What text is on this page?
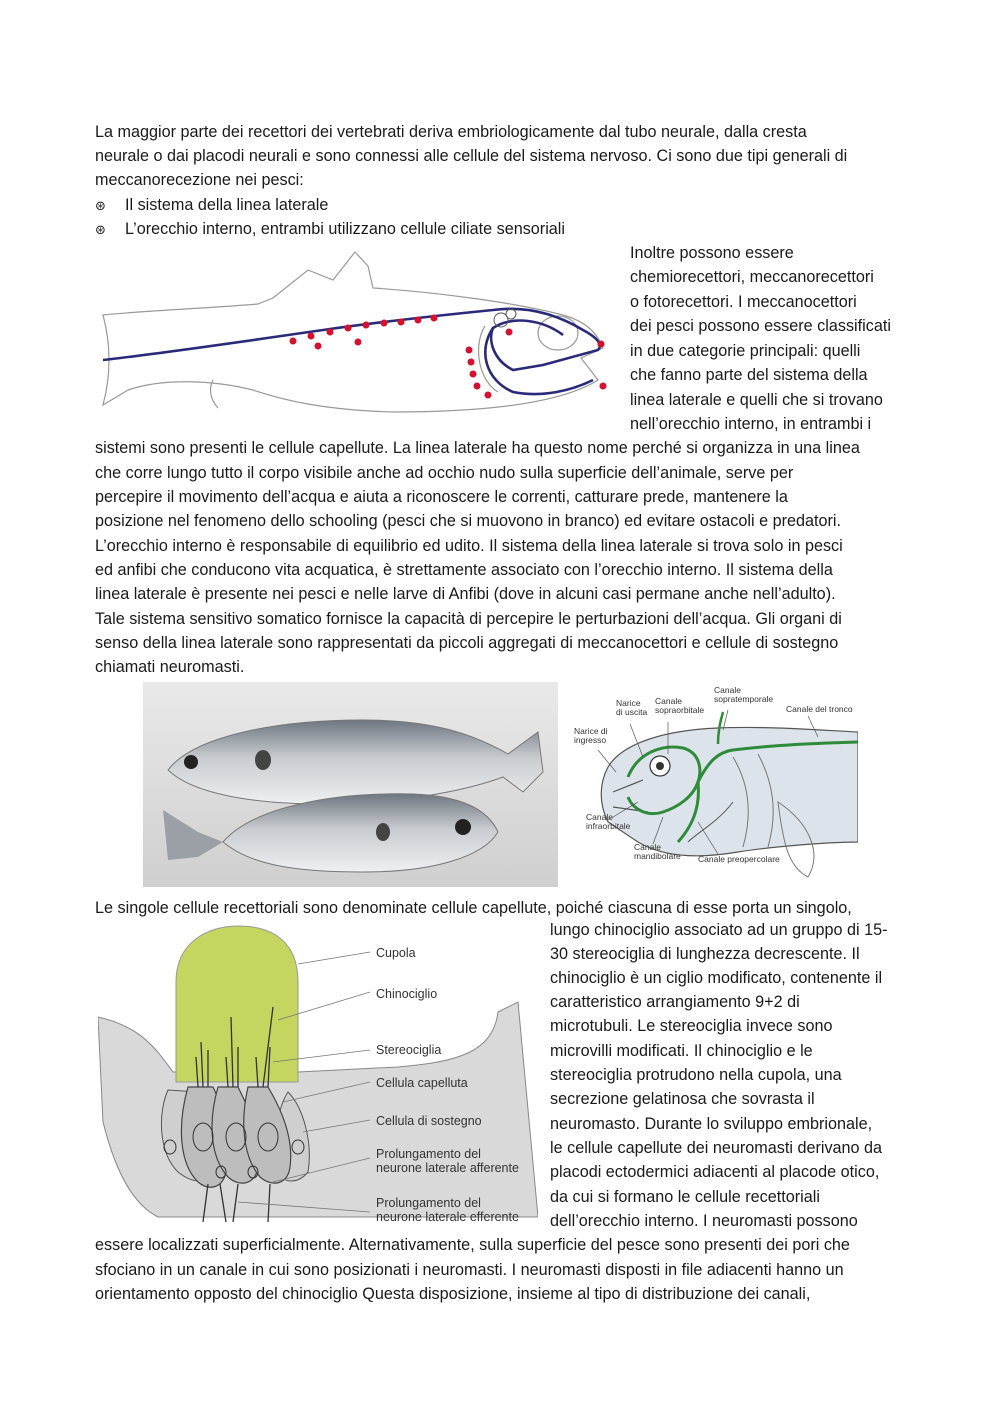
La maggior parte dei recettori dei vertebrati deriva embriologicamente dal tubo neurale, dalla cresta
neurale o dai placodi neurali e sono connessi alle cellule del sistema nervoso. Ci sono due tipi generali di
meccanorecezione nei pesci:
⊛ Il sistema della linea laterale
⊛ L’orecchio interno, entrambi utilizzano cellule ciliate sensoriali
Inoltre possono essere
chemiorecettori, meccanorecettori
o fotorecettori. I meccanocettori
dei pesci possono essere classificati
in due categorie principali: quelli
che fanno parte del sistema della
linea laterale e quelli che si trovano
nell’orecchio interno, in entrambi i
sistemi sono presenti le cellule capellute. La linea laterale ha questo nome perché si organizza in una linea
che corre lungo tutto il corpo visibile anche ad occhio nudo sulla superficie dell’animale, serve per
percepire il movimento dell’acqua e aiuta a riconoscere le correnti, catturare prede, mantenere la
posizione nel fenomeno dello schooling (pesci che si muovono in branco) ed evitare ostacoli e predatori.
L’orecchio interno è responsabile di equilibrio ed udito. Il sistema della linea laterale si trova solo in pesci
ed anfibi che conducono vita acquatica, è strettamente associato con l’orecchio interno. Il sistema della
linea laterale è presente nei pesci e nelle larve di Anfibi (dove in alcuni casi permane anche nell’adulto).
Tale sistema sensitivo somatico fornisce la capacità di percepire le perturbazioni dell’acqua. Gli organi di
senso della linea laterale sono rappresentati da piccoli aggregati di meccanocettori e cellule di sostegno
chiamati neuromasti.
Narice di uscita
Canale sopraorbitale
Canale sopratemporale
Canale del tronco
Narice di ingresso
Canale infraorbitale
Canale mandibolare Canale preopercolare
Le singole cellule recettoriali sono denominate cellule capellute, poiché ciascuna di esse porta un singolo,
Cupola
Chinociglio
Stereociglia
Cellula capelluta
Cellula di sostegno
Prolungamento del neurone laterale afferente
Prolungamento del neurone laterale efferente
lungo chinociglio associato ad un gruppo di 15-
30 stereociglia di lunghezza decrescente. Il
chinociglio è un ciglio modificato, contenente il
caratteristico arrangiamento 9+2 di
microtubuli. Le stereociglia invece sono
microvilli modificati. Il chinociglio e le
stereociglia protrudono nella cupola, una
secrezione gelatinosa che sovrasta il
neuromasto. Durante lo sviluppo embrionale,
le cellule capellute dei neuromasti derivano da
placodi ectodermici adiacenti al placode otico,
da cui si formano le cellule recettoriali
dell’orecchio interno. I neuromasti possono
essere localizzati superficialmente. Alternativamente, sulla superficie del pesce sono presenti dei pori che
sfociano in un canale in cui sono posizionati i neuromasti. I neuromasti disposti in file adiacenti hanno un
orientamento opposto del chinociglio Questa disposizione, insieme al tipo di distribuzione dei canali,
